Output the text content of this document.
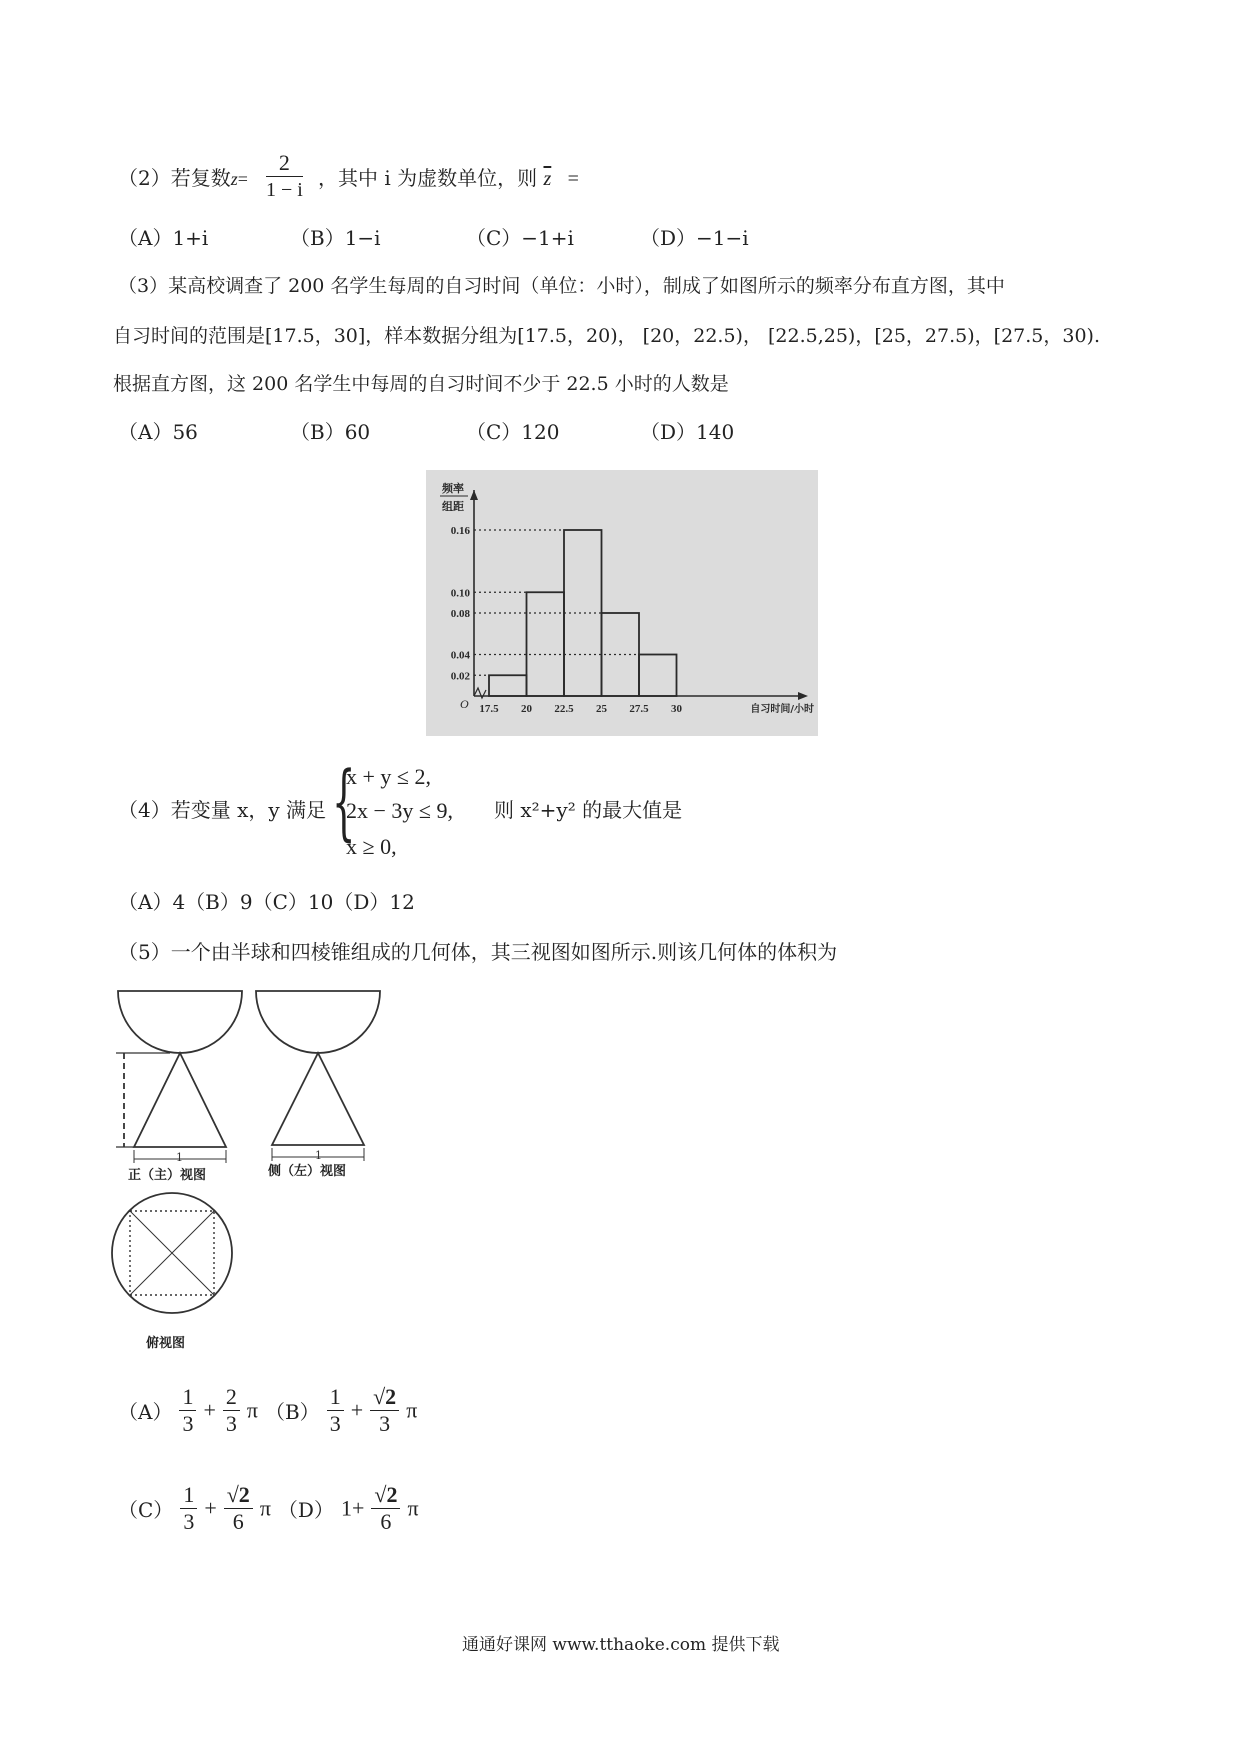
（2）若复数$z= \frac{2}{1 - i}$ ，其中 i 为虚数单位，则 $\overline{z}$ =
（A）1+i	（B）1−i	（C）−1+i	（D）−1−i
（3）某高校调查了 200 名学生每周的自习时间（单位：小时），制成了如图所示的频率分布直方图，其中
自习时间的范围是[17.5，30]，样本数据分组为[17.5，20)， [20，22.5)， [22.5,25)，[25，27.5)，[27.5，30).
根据直方图，这 200 名学生中每周的自习时间不少于 22.5 小时的人数是
（A）56	（B）60	（C）120	（D）140
0.02
0.04
0.08
0.10
0.16
17.5 20 22.5 25 27.5 30
O
频率
组距
自习时间/小时
（4）若变量 x，y 满足 {
x + y ≤ 2,
2x − 3y ≤ 9, 则 x²+y² 的最大值是
x ≥ 0,
（A）4（B）9（C）10（D）12
（5）一个由半球和四棱锥组成的几何体，其三视图如图所示.则该几何体的体积为
1	1
正（主）视图	侧（左）视图
俯视图
$(A) \frac{1}{3} + \frac{2}{3}$ π $(B) \frac{1}{3} + \frac{√2}{3}$ π
$(C) \frac{1}{3} + \frac{√2}{6}$ π （D） $1+ \frac{√2}{6}$ π
通通好课网 www.tthaoke.com 提供下载
